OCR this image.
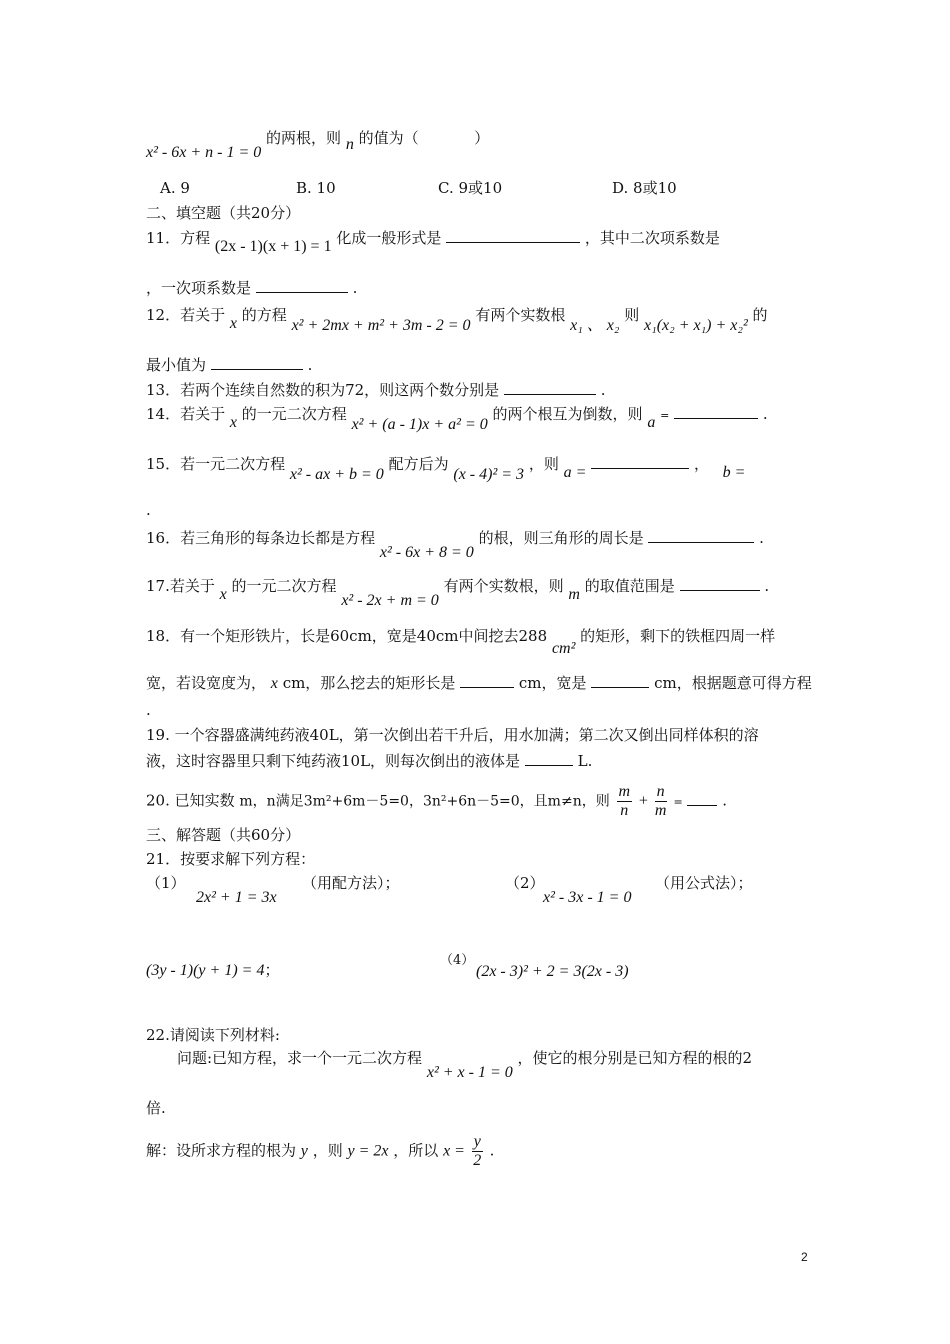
x² - 6x + n - 1 = 0 的两根，则 n 的值为（	）
A. 9	B. 10	C. 9或10	D. 8或10
二、填空题（共20分）
11．方程 (2x - 1)(x + 1) = 1 化成一般形式是	，其中二次项系数是
，一次项系数是	.
12．若关于 x 的方程 x² + 2mx + m² + 3m - 2 = 0 有两个实数根 x₁ 、 x₂ 则 x₁(x₂ + x₁) + x₂² 的
最小值为	.
13．若两个连续自然数的积为72，则这两个数分别是	.
14．若关于 x 的一元二次方程 x² + (a - 1)x + a² = 0 的两个根互为倒数，则 a =	.
15．若一元二次方程 x² - ax + b = 0 配方后为 (x - 4)² = 3 ，则 a =	， b =
.
16．若三角形的每条边长都是方程 x² - 6x + 8 = 0 的根，则三角形的周长是	.
17.若关于 x 的一元二次方程 x² - 2x + m = 0 有两个实数根，则 m 的取值范围是	.
18．有一个矩形铁片，长是60cm，宽是40cm中间挖去288 cm² 的矩形，剩下的铁框四周一样
宽，若设宽度为， x cm，那么挖去的矩形长是	cm，宽是	cm，根据题意可得方程
.
19. 一个容器盛满纯药液40L，第一次倒出若干升后，用水加满；第二次又倒出同样体积的溶
液，这时容器里只剩下纯药液10L，则每次倒出的液体是	L.
20. 已知实数 m，n满足3m²+6m－5=0，3n²+6n－5=0，且m≠n，则 $\frac{m}{n} + \frac{n}{m}$ =	.
三、解答题（共60分）
21．按要求解下列方程：
（1）
2x² + 1 = 3x
（用配方法）；	（2）
x² - 3x - 1 = 0
（用公式法）；
(3y - 1)(y + 1) = 4；
（4）
(2x - 3)² + 2 = 3(2x - 3)
22.请阅读下列材料:
问题:已知方程，求一个一元二次方程 x² + x - 1 = 0 ，使它的根分别是已知方程的根的2
倍.
解：设所求方程的根为 y ，则 y = 2x ，所以 $x = \frac{y}{2}$ .
2
